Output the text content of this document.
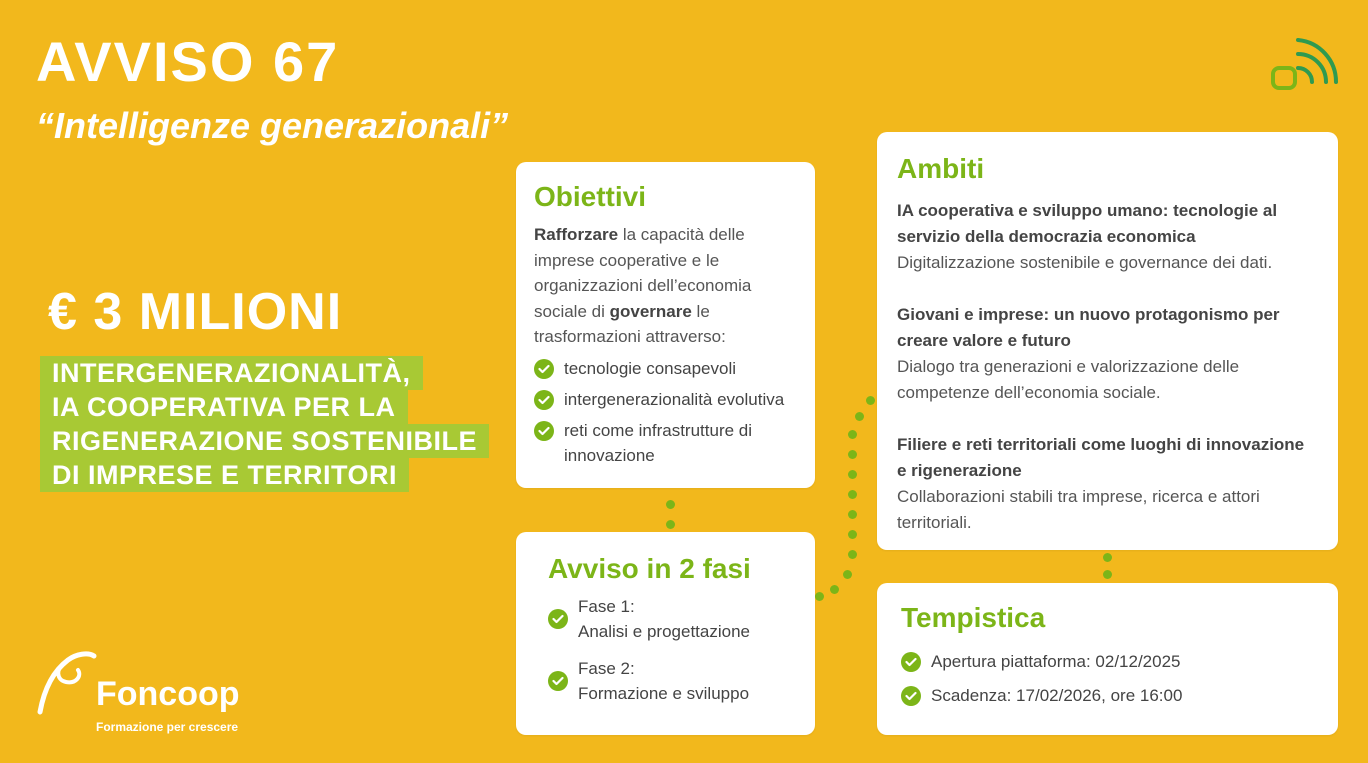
AVVISO 67
“Intelligenze generazionali”
€ 3 MILIONI
INTERGENERAZIONALITÀ,
IA COOPERATIVA PER LA
RIGENERAZIONE SOSTENIBILE
DI IMPRESE E TERRITORI
Obiettivi
Rafforzare la capacità delle imprese cooperative e le organizzazioni dell’economia sociale di governare le trasformazioni attraverso:
tecnologie consapevoli
intergenerazionalità evolutiva
reti come infrastrutture di innovazione
Avviso in 2 fasi
Fase 1:
Analisi e progettazione
Fase 2:
Formazione e sviluppo
Ambiti
IA cooperativa e sviluppo umano: tecnologie al servizio della democrazia economica
Digitalizzazione sostenibile e governance dei dati.
Giovani e imprese: un nuovo protagonismo per creare valore e futuro
Dialogo tra generazioni e valorizzazione delle competenze dell’economia sociale.
Filiere e reti territoriali come luoghi di innovazione e rigenerazione
Collaborazioni stabili tra imprese, ricerca e attori territoriali.
Tempistica
Apertura piattaforma: 02/12/2025
Scadenza: 17/02/2026, ore 16:00
Foncoop
Formazione per crescere
